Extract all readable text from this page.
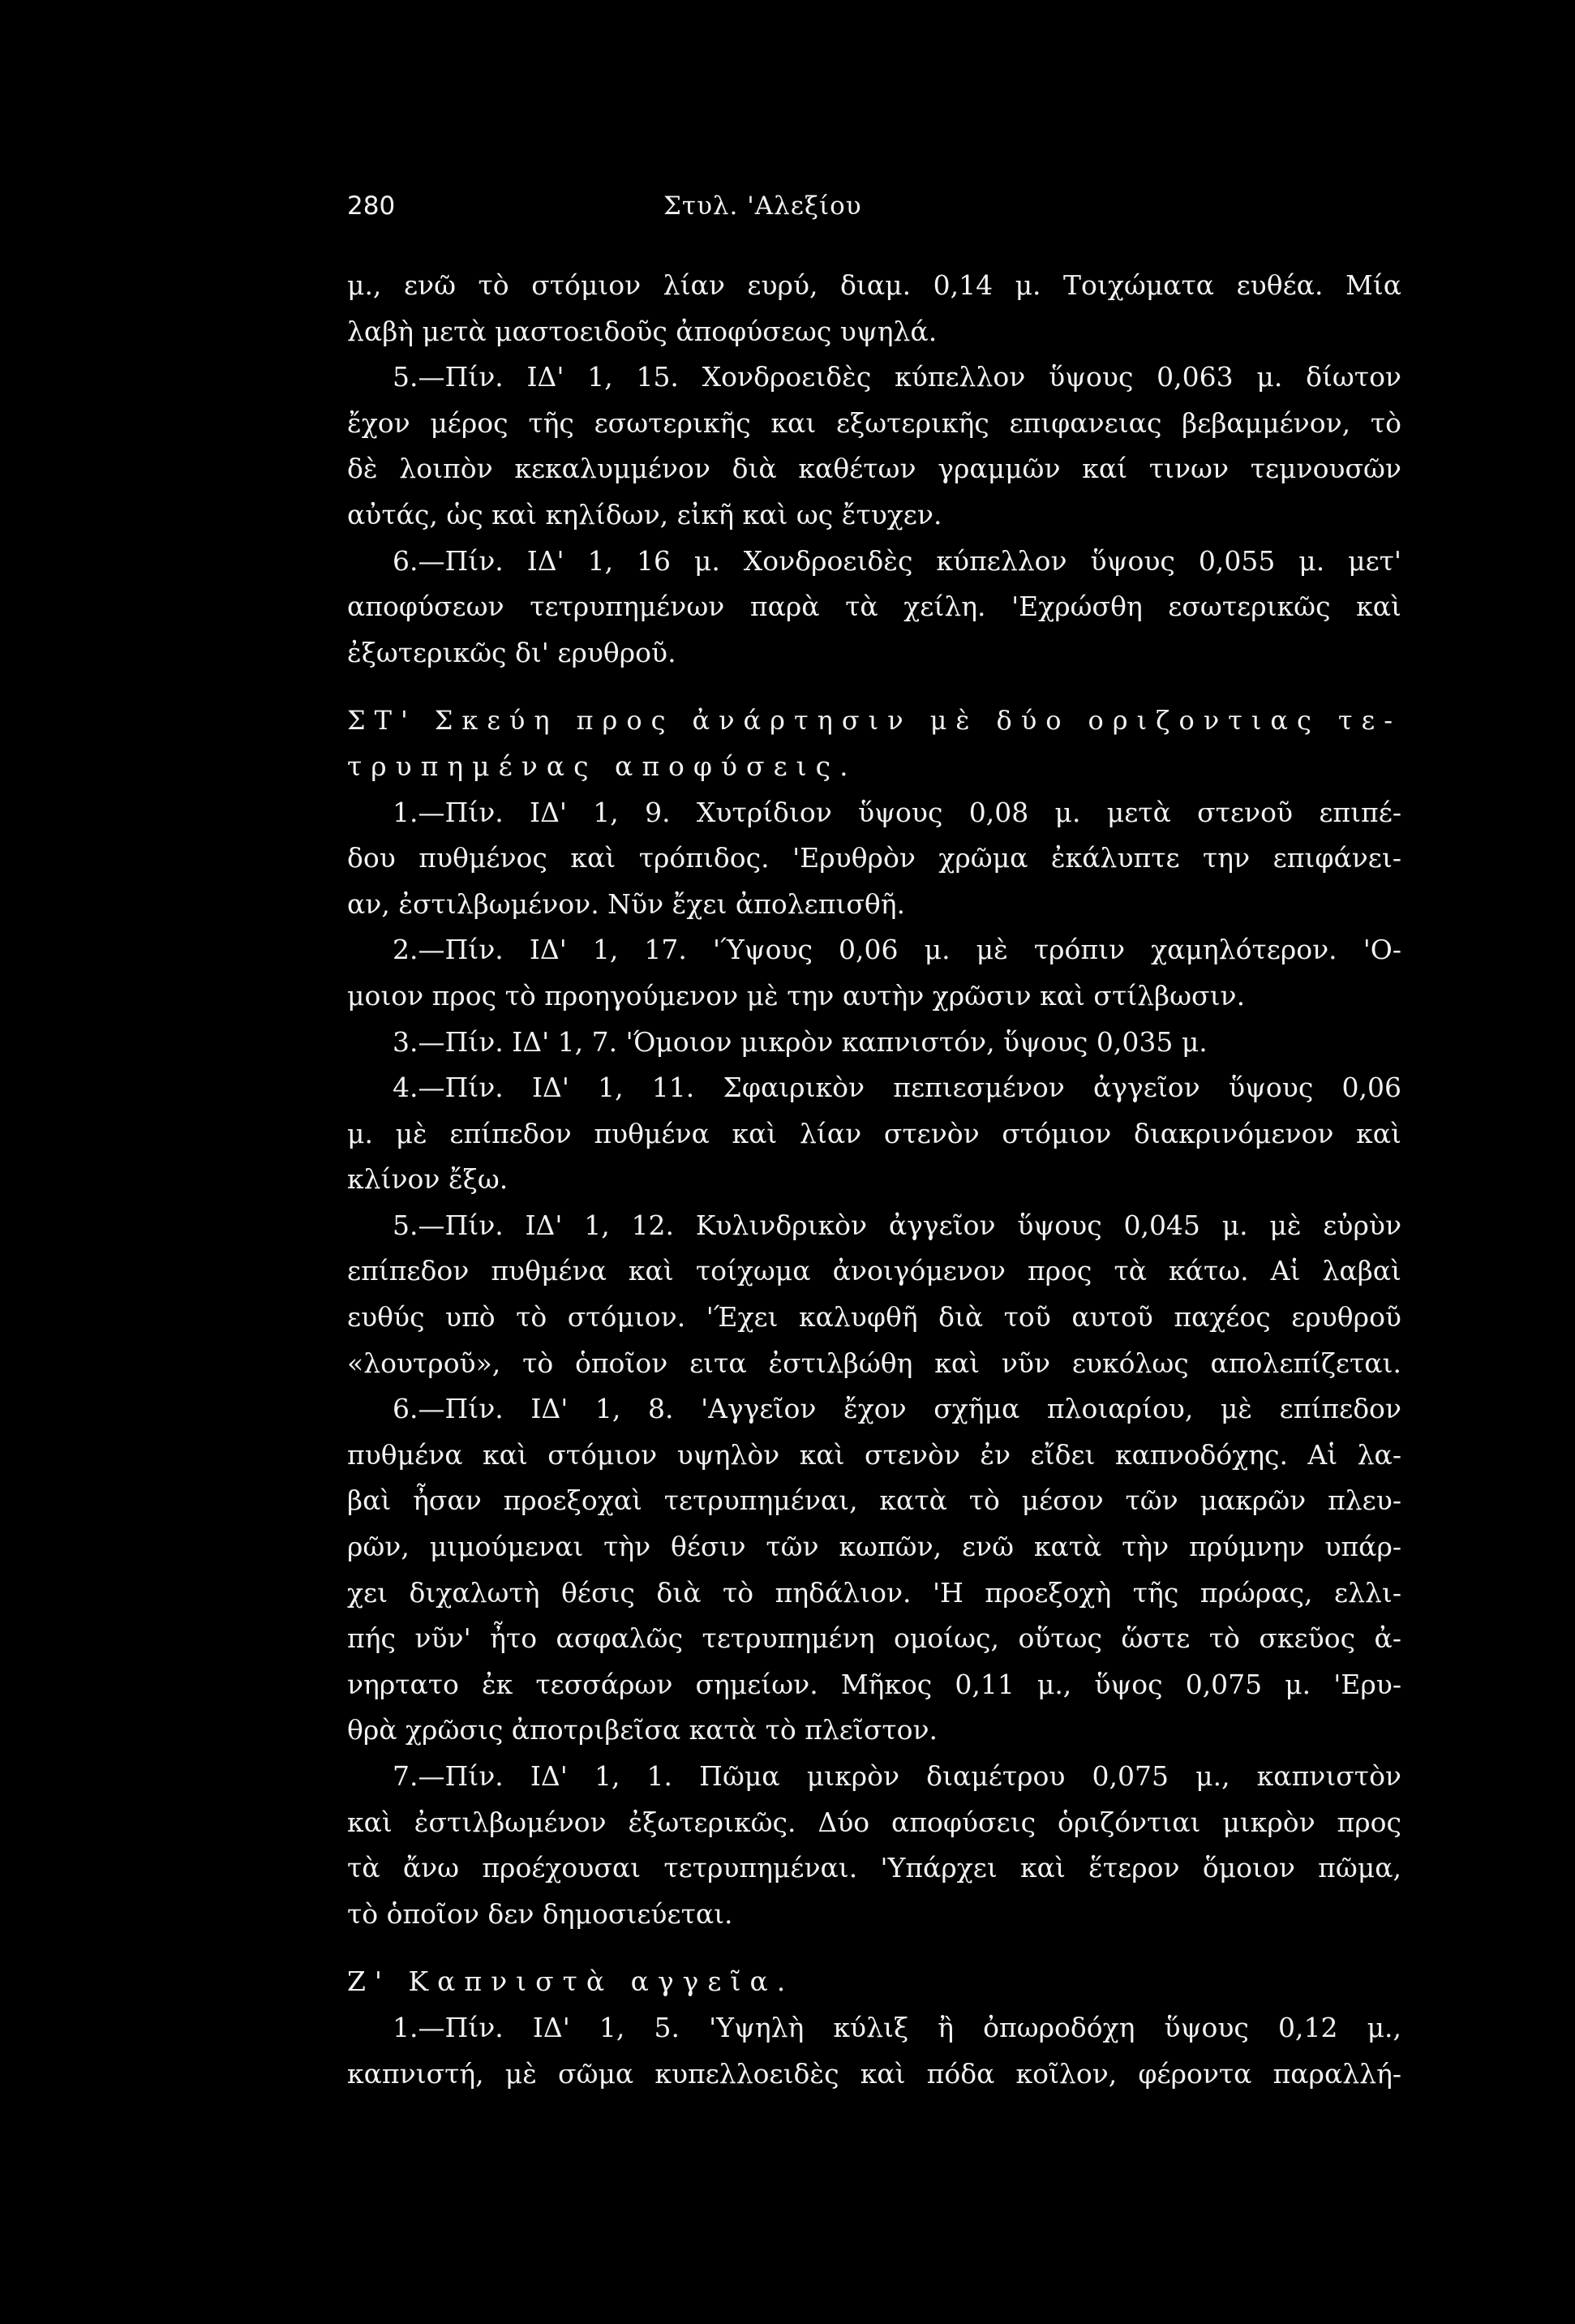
280	Στυλ. 'Αλεξίου
μ., ενῶ τὸ στόμιον λίαν ευρύ, διαμ. 0,14 μ. Τοιχώματα ευθέα. Μία
λαβὴ μετὰ μαστοειδοῦς ἀποφύσεως υψηλά.
5.—Πίν. ΙΔ' 1, 15. Χονδροειδὲς κύπελλον ὕψους 0,063 μ. δίωτον
ἔχον μέρος τῆς εσωτερικῆς και εξωτερικῆς επιφανειας βεβαμμένον, τὸ
δὲ λοιπὸν κεκαλυμμένον διὰ καθέτων γραμμῶν καί τινων τεμνουσῶν
αὐτάς, ὡς καὶ κηλίδων, εἰκῆ καὶ ως ἔτυχεν.
6.—Πίν. ΙΔ' 1, 16 μ. Χονδροειδὲς κύπελλον ὕψους 0,055 μ. μετ'
αποφύσεων τετρυπημένων παρὰ τὰ χείλη. 'Εχρώσθη εσωτερικῶς καὶ
ἐξωτερικῶς δι' ερυθροῦ.
ΣΤ' Σκεύη προς ἀνάρτησιν μὲ δύο οριζοντιας τε-
τρυπημένας αποφύσεις.
1.—Πίν. ΙΔ' 1, 9. Χυτρίδιον ὕψους 0,08 μ. μετὰ στενοῦ επιπέ-
δου πυθμένος καὶ τρόπιδος. 'Ερυθρὸν χρῶμα ἐκάλυπτε την επιφάνει-
αν, ἐστιλβωμένον. Νῦν ἔχει ἀπολεπισθῆ.
2.—Πίν. ΙΔ' 1, 17. 'Ύψους 0,06 μ. μὲ τρόπιν χαμηλότερον. 'Ο-
μοιον προς τὸ προηγούμενον μὲ την αυτὴν χρῶσιν καὶ στίλβωσιν.
3.—Πίν. ΙΔ' 1, 7. 'Όμοιον μικρὸν καπνιστόν, ὕψους 0,035 μ.
4.—Πίν. ΙΔ' 1, 11. Σφαιρικὸν πεπιεσμένον ἀγγεῖον ὕψους 0,06
μ. μὲ επίπεδον πυθμένα καὶ λίαν στενὸν στόμιον διακρινόμενον καὶ
κλίνον ἔξω.
5.—Πίν. ΙΔ' 1, 12. Κυλινδρικὸν ἀγγεῖον ὕψους 0,045 μ. μὲ εὐρὺν
επίπεδον πυθμένα καὶ τοίχωμα ἀνοιγόμενον προς τὰ κάτω. Αἱ λαβαὶ
ευθύς υπὸ τὸ στόμιον. 'Έχει καλυφθῆ διὰ τοῦ αυτοῦ παχέος ερυθροῦ
«λουτροῦ», τὸ ὁποῖον ειτα ἐστιλβώθη καὶ νῦν ευκόλως απολεπίζεται.
6.—Πίν. ΙΔ' 1, 8. 'Αγγεῖον ἔχον σχῆμα πλοιαρίου, μὲ επίπεδον
πυθμένα καὶ στόμιον υψηλὸν καὶ στενὸν ἐν εἴδει καπνοδόχης. Αἱ λα-
βαὶ ἦσαν προεξοχαὶ τετρυπημέναι, κατὰ τὸ μέσον τῶν μακρῶν πλευ-
ρῶν, μιμούμεναι τὴν θέσιν τῶν κωπῶν, ενῶ κατὰ τὴν πρύμνην υπάρ-
χει διχαλωτὴ θέσις διὰ τὸ πηδάλιον. 'Η προεξοχὴ τῆς πρώρας, ελλι-
πής νῦν' ἦτο ασφαλῶς τετρυπημένη ομοίως, οὕτως ὥστε τὸ σκεῦος ἀ-
νηρτατο ἐκ τεσσάρων σημείων. Μῆκος 0,11 μ., ὕψος 0,075 μ. 'Ερυ-
θρὰ χρῶσις ἀποτριβεῖσα κατὰ τὸ πλεῖστον.
7.—Πίν. ΙΔ' 1, 1. Πῶμα μικρὸν διαμέτρου 0,075 μ., καπνιστὸν
καὶ ἐστιλβωμένον ἐξωτερικῶς. Δύο αποφύσεις ὁριζόντιαι μικρὸν προς
τὰ ἄνω προέχουσαι τετρυπημέναι. 'Υπάρχει καὶ ἕτερον ὅμοιον πῶμα,
τὸ ὁποῖον δεν δημοσιεύεται.
Ζ' Καπνιστὰ αγγεῖα.
1.—Πίν. ΙΔ' 1, 5. 'Υψηλὴ κύλιξ ἢ ὀπωροδόχη ὕψους 0,12 μ.,
καπνιστή, μὲ σῶμα κυπελλοειδὲς καὶ πόδα κοῖλον, φέροντα παραλλή-
